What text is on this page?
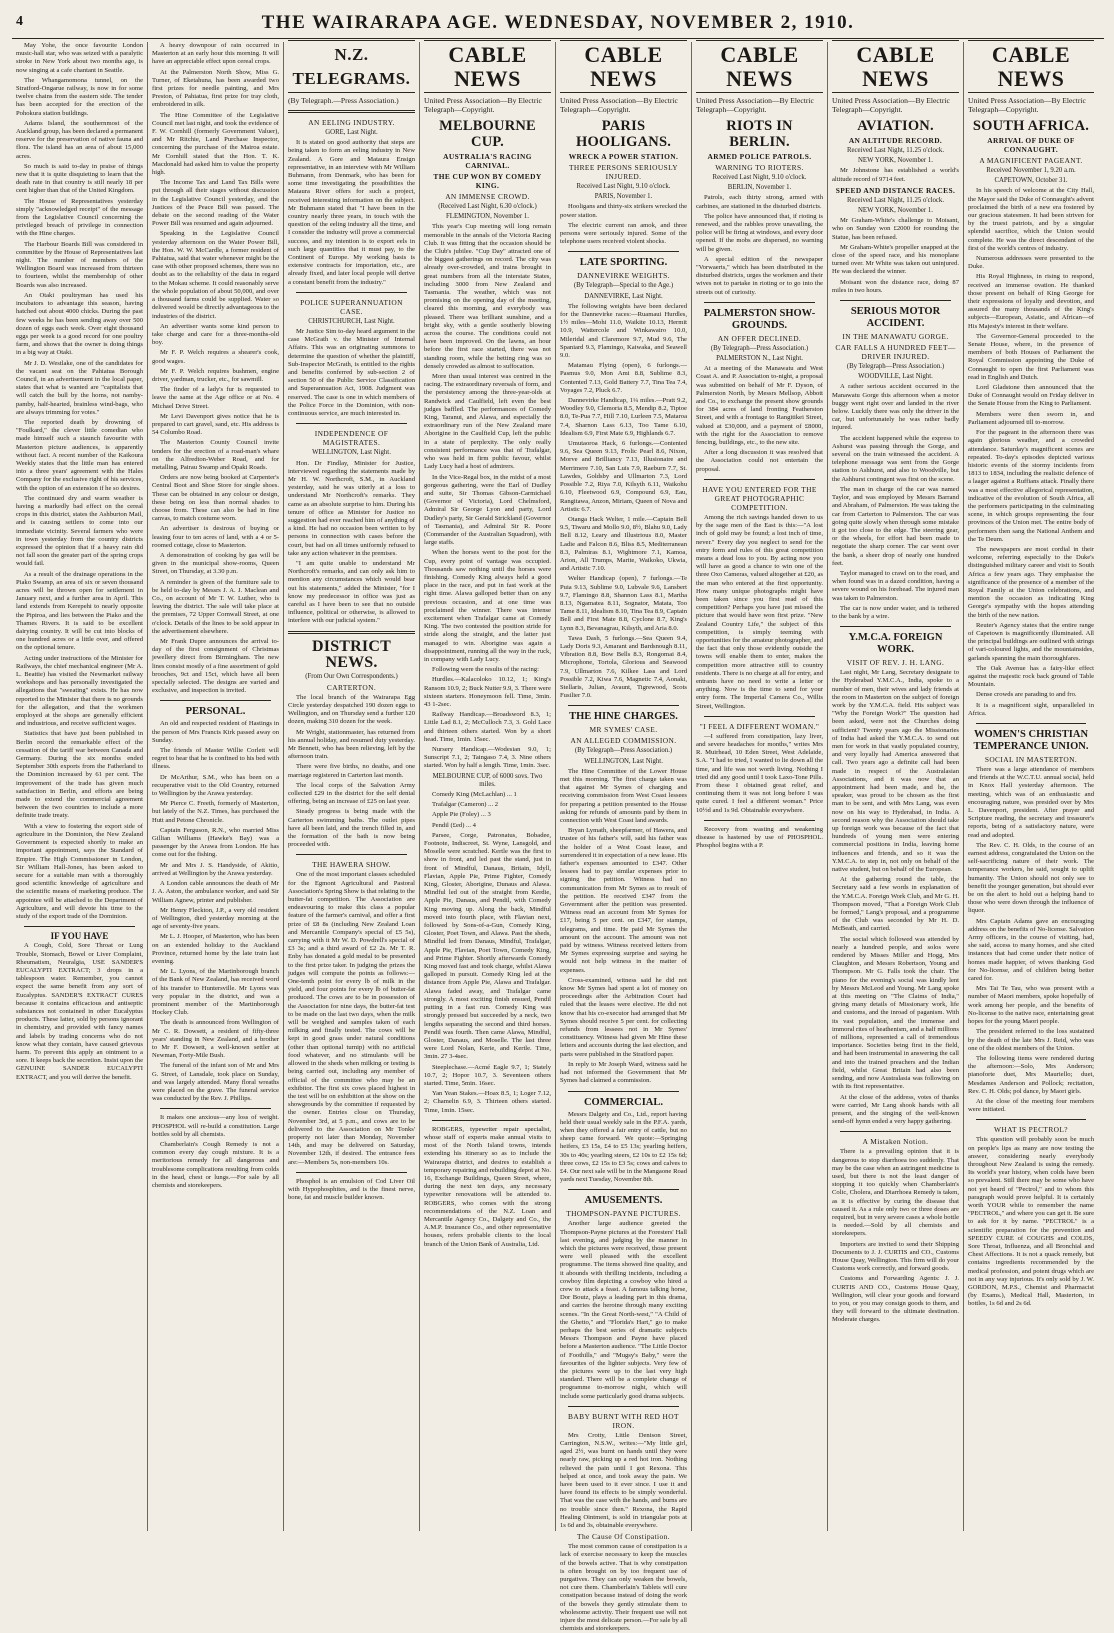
4	THE WAIRARAPA AGE. WEDNESDAY, NOVEMBER 2, 1910.

May Yohe, the once favourite London music-hall star, who was seized with a paralytic stroke in New York about two months ago, is now singing at a cafe chantant in Seattle.

The Whangamomona tunnel, on the Stratford-Ongarue railway, is now in for some twelve chains from the eastern side. The tender has been accepted for the erection of the Pohokura station buildings.

Adams Island, the southernmost of the Auckland group, has been declared a permanent reserve for the preservation of native fauna and flora. The island has an area of about 15,000 acres.

So much is said to-day in praise of things new that it is quite disquieting to learn that the death rate in that country is still nearly 18 per cent higher than that of the United Kingdom.

The House of Representatives yesterday simply "acknowledged receipt" of the message from the Legislative Council concerning the privileged breach of privilege in connection with the Hine charges.

The Harbour Boards Bill was considered in committee by the House of Representatives last night. The number of members of the Wellington Board was increased from thirteen to fourteen, whilst the membership of other Boards was also increased.

An Otaki poultryman has used his incubators to advantage this season, having hatched out about 4000 chicks. During the past few weeks he has been sending away over 500 dozen of eggs each week. Over eight thousand eggs per week is a good record for one poultry farm, and shows that the owner is doing things in a big way at Otaki.

Mr J. D. Westlake, one of the candidates for the vacant seat on the Pahiatua Borough Council, in an advertisement in the local paper, states that what is wanted are "capitalists that will catch the bull by the horns, not namby-pamby, half-hearted, brainless wind-bags, who are always trimming for votes."

The reported death by drowning of "Foulkard," the clever little comedian who made himself such a staunch favourite with Masterton picture audiences, is apparently without fact. A recent number of the Kaikoura Weekly states that the little man has entered into a three years' agreement with the Hales Company for the exclusive right of his services, with the option of an extension if he so desires.

The continued dry and warm weather is having a markedly bad effect on the cereal crops in this district, states the Ashburton Mail, and is causing settlers to come into our immediate vicinity. Several farmers who were in town yesterday from the country districts expressed the opinion that if a heavy rain did not fall soon the greater part of the spring crops would fail.

As a result of the drainage operations in the Piako Swamp, an area of six or seven thousand acres will be thrown open for settlement in January next, and a further area in April. This land extends from Kerepehi to nearly opposite the Pipiroa, and lies between the Piako and the Thames Rivers. It is said to be excellent dairying country. It will be cut into blocks of one hundred acres or a little over, and offered on the optional tenure.

Acting under instructions of the Minister for Railways, the chief mechanical engineer (Mr A. L. Beattie) has visited the Newmarket railway workshops and has personally investigated the allegations that "sweating" exists. He has now reported to the Minister that there is no grounds for the allegation, and that the workmen employed at the shops are generally efficient and industrious, and receive sufficient wages.

Statistics that have just been published in Berlin record the remarkable effect of the cessation of the tariff war between Canada and Germany. During the six months ended September 30th exports from the Fatherland to the Dominion increased by 61 per cent. The improvement of the trade has given much satisfaction in Berlin, and efforts are being made to extend the commercial agreement between the two countries to include a more definite trade treaty.

With a view to fostering the export side of agriculture in the Dominion, the New Zealand Government is expected shortly to make an important appointment, says the Standard of Empire. The High Commissioner in London, Sir William Hall-Jones, has been asked to secure for a suitable man with a thoroughly good scientific knowledge of agriculture and the scientific means of marketing produce. The appointee will be attached to the Department of Agriculture, and will devote his time to the study of the export trade of the Dominion.

IF YOU HAVE

A Cough, Cold, Sore Throat or Lung Trouble, Stomach, Bowel or Liver Complaint, Rheumatism, Neuralgia, USE SANDER'S EUCALYPTI EXTRACT; 3 drops in a tablespoon water. Remember, you cannot expect the same benefit from any sort of Eucalyptus. SANDER'S EXTRACT CURES because it contains efficacious and antiseptic substances not contained in other Eucalyptus products. These latter, sold by persons ignorant in chemistry, and provided with fancy names and labels by trading concerns who do not know what they contain, have caused grievous harm. To prevent this apply an ointment to a sore. It keeps back the secretion. Insist upon the GENUINE SANDER EUCALYPTI EXTRACT, and you will derive the benefit.

A heavy downpour of rain occurred in Masterton at an early hour this morning. It will have an appreciable effect upon cereal crops.

At the Palmerston North Show, Miss G. Turner, of Eketahuna, has been awarded two first prizes for needle painting, and Mrs Preston, of Pahiatua, first prize for tray cloth, embroidered in silk.

The Hine Committee of the Legislative Council met last night, and took the evidence of F. W. Cornhill (formerly Government Valuer), and Mr Ritchie, Land Purchase Inspector, concerning the purchase of the Mairoa estate. Mr Cornhill stated that the Hon. T. K. Macdonald had asked him to value the property high.

The Income Tax and Land Tax Bills were put through all their stages without discussion in the Legislative Council yesterday, and the Justices of the Peace Bill was passed. The debate on the second reading of the Water Power Bill was resumed and again adjourned.

Speaking in the Legislative Council yesterday afternoon on the Water Power Bill, the Hon. W. W. McCardle, a former resident of Pahiatua, said that water whenever might be the case with other proposed schemes, there was no doubt as to the reliability of the data in regard to the Mokau scheme. It could reasonably serve the whole population of about 50,000, and over a thousand farms could be supplied. Water so delivered would be directly advantageous to the industries of the district.

An advertiser wants some kind person to take charge and care for a three-months-old boy.

Mr F. P. Welch requires a shearer's cook, good wages.

Mr F. P. Welch requires bushmen, engine driver, yardman, trucker, etc., for sawmill.

The finder of a lady's fur is requested to leave the same at the Age office or at No. 4 Michael Drive Street.

Mr Levi Davenport gives notice that he is prepared to cart gravel, sand, etc. His address is 54 Columbo Road.

The Masterton County Council invite tenders for the erection of a road-man's whare on the Alfredton-Weber Road, and for metalling, Pairau Swamp and Opaki Roads.

Orders are now being booked at Carpenter's Central Boot and Shoe Store for single shoes. These can be obtained in any colour or design, these being on less than normal shades to choose from. These can also be had in fine canvas, to match costume worn.

An advertiser is desirous of buying or leasing four to ten acres of land, with a 4 or 5-roomed cottage, close to Masterton.

A demonstration of cooking by gas will be given in the municipal show-rooms, Queen Street, on Thursday, at 3.30 p.m.

A reminder is given of the furniture sale to be held to-day by Messrs J. A. J. Maclean and Co., on account of Mr T. W. Luther, who is leaving the district. The sale will take place at the premises, 72 Upper Cornwall Street, at one o'clock. Details of the lines to be sold appear in the advertisement elsewhere.

Mr Frank Dupre announces the arrival to-day of the first consignment of Christmas jewellery direct from Birmingham. The new lines consist mostly of a fine assortment of gold brooches, 9ct and 15ct, which have all been specially selected. The designs are varied and exclusive, and inspection is invited.

PERSONAL.

An old and respected resident of Hastings in the person of Mrs Francis Kirk passed away on Sunday.

The friends of Master Willie Corlett will regret to hear that he is confined to his bed with illness.

Dr McArthur, S.M., who has been on a recuperative visit to the Old Country, returned to Wellington by the Arawa yesterday.

Mr Pierce C. Freeth, formerly of Masterton, but lately of the N.Z. Times, has purchased the Hutt and Petone Chronicle.

Captain Ferguson, R.N., who married Miss Gillian Williams (Hawke's Bay) was a passenger by the Arawa from London. He has come out for the fishing.

Mr and Mrs J. S. Handyside, of Akitio, arrived at Wellington by the Arawa yesterday.

A London cable announces the death of Mr J. A. Aston, the ambulance worker, and said Sir William Agnew, printer and publisher.

Mr Henry Fleckton, J.P., a very old resident of Wellington, died yesterday morning at the age of seventy-five years.

Mr L. J. Hooper, of Masterton, who has been on an extended holiday to the Auckland Province, returned home by the late train last evening.

Mr L. Lyons, of the Martinborough branch of the Bank of New Zealand, has received word of his transfer to Huntersville. Mr Lyons was very popular in the district, and was a prominent member of the Martinborough Hockey Club.

The death is announced from Wellington of Mr C. R. Dowsett, a resident of fifty-three years' standing in New Zealand, and a brother to Mr F. Dowsett, a well-known settler at Newman, Forty-Mile Bush.

The funeral of the infant son of Mr and Mrs G. Street, of Lansdale, took place on Sunday, and was largely attended. Many floral wreaths were placed on the grave. The funeral service was conducted by the Rev. J. Phillips.

It makes one anxious—any loss of weight. PHOSPHOL will re-build a constitution. Large bottles sold by all chemists.

Chamberlain's Cough Remedy is not a common every day cough mixture. It is a meritorious remedy for all dangerous and troublesome complications resulting from colds in the head, chest or lungs.—For sale by all chemists and storekeepers.

N.Z. TELEGRAMS.

(By Telegraph.—Press Association.)

AN EELING INDUSTRY.

GORE, Last Night.

It is stated on good authority that steps are being taken to form an eeling industry in New Zealand. A Gore and Mataura Ensign representative, in an interview with Mr William Buhmann, from Denmark, who has been for some time investigating the possibilities the Mataura River offers for such a project, received interesting information on the subject. Mr Buhmann stated that "I have been in the country nearly three years, in touch with the question of the eeling industry all the time, and I consider the industry will prove a commercial success, and my intention is to export eels in such large quantities that it must pay, to the Continent of Europe. My working basis is extensive contracts for importation, etc., are already fixed, and later local people will derive a constant benefit from the industry."

POLICE SUPERANNUATION CASE.

CHRISTCHURCH, Last Night.

Mr Justice Sim to-day heard argument in the case McGrath v. the Minister of Internal Affairs. This was an originating summons to determine the question of whether the plaintiff, Sub-Inspector McGrath, is entitled to the rights and benefits conferred by sub-section 2 of section 50 of the Public Service Classification and Superannuation Act, 1908. Judgment was reserved. The case is one in which members of the Police Force in the Dominion, with non-continuous service, are much interested in.

INDEPENDENCE OF MAGISTRATES.

WELLINGTON, Last Night.

Hon. Dr Findlay, Minister for Justice, interviewed regarding the statements made by Mr H. W. Northcroft, S.M., in Auckland yesterday, said he was utterly at a loss to understand Mr Northcroft's remarks. They came as an absolute surprise to him. During his tenure of office as Minister for Justice no suggestion had ever reached him of anything of a kind. He had no occasion been written to by persons in connection with cases before the court, but had on all times uniformly refused to take any action whatever in the premises.

"I am quite unable to understand Mr Northcroft's remarks, and can only ask him to mention any circumstances which would bear out his statements," added the Minister, "for I know my predecessor in office was just as careful as I have been to see that no outside influence, political or otherwise, is allowed to interfere with our judicial system."

DISTRICT NEWS.

(From Our Own Correspondents.)

CARTERTON.

The local branch of the Wairarapa Egg Circle yesterday despatched 190 dozen eggs to Wellington, and on Thursday send a further 120 dozen, making 310 dozen for the week.

Mr Wright, stationmaster, has returned from his annual holiday, and resumed duty yesterday. Mr Bennett, who has been relieving, left by the afternoon train.

There were five births, no deaths, and one marriage registered in Carterton last month.

The local corps of the Salvation Army collected £29 in the district for the self denial offering, being an increase of £25 on last year.

Steady progress is being made with the Carterton swimming baths. The outlet pipes have all been laid, and the trench filled in, and the formation of the bath is now being proceeded with.

THE HAWERA SHOW.

One of the most important classes scheduled for the Egmont Agricultural and Pastoral Association's Spring Show is that relating to the butter-fat competition. The Association are endeavouring to make this class a popular feature of the farmer's carnival, and offer a first prize of £8 8s (including New Zealand Loan and Mercantile Company's special of £5 5s), carrying with it Mr W. D. Powdrell's special of £3 3s; and a third award of £2 2s. Mr T. R. Enby has donated a gold medal to be presented to the first prize taker. In judging the prizes the judges will compute the points as follows:—One-tenth point for every lb of milk in the yield, and four points for every lb of butter-fat produced. The cows are to be in possession of the Association for nine days, the butter-fat test to be made on the last two days, when the milk will be weighed and samples taken of each milking and finally tested. The cows will be kept in good grass under natural conditions (other than optional turnip) with no artificial food whatever, and no stimulants will be allowed in the sheds when milking or testing is being carried out, including any member of official of the committee who may be an exhibitor. The first six cows placed highest in the test will be on exhibition at the show on the showgrounds by the committee if requested by the owner. Entries close on Thursday, November 3rd, at 5 p.m., and cows are to be delivered to the Association on Mr Tonks' property not later than Monday, November 14th, and may be delivered on Saturday, November 12th, if desired. The entrance fees are:—Members 5s, non-members 10s.

Phosphol is an emulsion of Cod Liver Oil with Hypophosphites, and is the finest nerve, bone, fat and muscle builder known.

CABLE NEWS

United Press Association—By Electric Telegraph—Copyright.

MELBOURNE CUP.
AUSTRALIA'S RACING CARNIVAL.
THE CUP WON BY COMEDY KING.
AN IMMENSE CROWD.

(Received Last Night, 6.30 o'clock.)

FLEMINGTON, November 1.

This year's Cup meeting will long remain memorable in the annals of the Victoria Racing Club. It was fitting that the occasion should be the Club's jubilee. "Cup Day" attracted one of the biggest gatherings on record. The city was already over-crowded, and trains brought in great numbers from all the interstate States, including 3000 from New Zealand and Tasmania. The weather, which was not promising on the opening day of the meeting, cleared this morning, and everybody was pleased. There was brilliant sunshine, and a bright sky, with a gentle southerly blowing across the course. The conditions could not have been improved. On the lawns, an hour before the first race started, there was not standing room, while the betting ring was so densely crowded as almost to suffocation.

More than usual interest was centred in the racing. The extraordinary reversals of form, and the persistency among the three-year-olds at Randwick and Caulfield, left even the best judges baffled. The performances of Comedy King, Taranui, and Alawa, and especially the extraordinary run of the New Zealand mare Aborigine in the Caulfield Cup, left the public in a state of perplexity. The only really consistent performance was that of Trafalgar, who was held in firm public favour, whilst Lady Lucy had a host of admirers.

In the Vice-Regal box, in the midst of a most gorgeous gathering, were the Earl of Dudley and suite, Sir Thomas Gibson-Carmichael (Governor of Victoria), Lord Chelmsford, Admiral Sir George Lyon and party, Lord Dudley's party, Sir Gerald Strickland (Governor of Tasmania), and Admiral Sir R. Poore (Commander of the Australian Squadron), with large staffs.

When the horses went to the post for the Cup, every point of vantage was occupied. Thousands saw nothing until the horses were finishing. Comedy King always held a good place in the race, and put in fast work at the right time. Alawa galloped better than on any previous occasion, and at one time was proclaimed the winner. There was intense excitement when Trafalgar came at Comedy King. The two contested the position stride for stride along the straight, and the latter just managed to win. Aborigine was again a disappointment, running all the way in the ruck, in company with Lady Lucy.

Following were the results of the racing:

Hurdles.—Kalacoloko 10.12, 1; King's Ransom 10.9, 2; Buck Nutter 9.9, 3. There were sixteen starters. Honeymoon fell. Time, 3min. 43 1-2sec.

Railway Handicap.—Broadsword 8.3, 1; Little Lad 8.1, 2; McCulloch 7.3, 3. Gold Lace and thirteen others started. Won by a short head. Time, 1min. 15sec.

Nursery Handicap.—Wodesian 9.0, 1; Sunscript 7.1, 2; Taingaso 7.4, 3. Nine others started. Won by half a length. Time, 1min. 3sec.

MELBOURNE CUP, of 6000 sovs. Two miles.

Comedy King (McLachlan) ... 1

Trafalgar (Cameron) ... 2

Apple Pie (Foley) ... 3

Pendil (£ed) ... 4

Parsee, Corge, Patronatus, Bobadee, Footnote, Indiscreet, St. Wyne, Lansgold, and Moselle were scratched. Kertle was the first to show in front, and led past the stand, just in front of Mindful, Danaus, Britain, Idyll, Flavian, Apple Pie, Prime Fighter, Comedy King, Gloster, Aborigine, Dunaus and Alawa. Mindful led out of the straight from Kerdie, Apple Pie, Danaus, and Pendil, with Comedy King moving up. Along the back, Mindful moved into fourth place, with Flavian next, followed by Sons-of-a-Gun, Comedy King, Gloster, Poet Town, and Alawa. Past the sheds, Mindful led from Danaus, Mindful, Trafalgar, Apple Pie, Flavian, Poet Town, Comedy King, and Prime Fighter. Shortly afterwards Comedy King moved fast and took charge, whilst Alawa galloped in pursuit. Comedy King led at the distance from Apple Pie, Alawa and Trafalgar. Alawa faded away, and Trafalgar came strongly. A most exciting finish ensued, Pendil putting in a fast run. Comedy King was strongly pressed but succeeded by a neck, two lengths separating the second and third horses. Pendil was fourth. Then came Alawa, Mindful, Gloster, Danaus, and Moselle. The last three were Lord Nolan, Kerie, and Kertle. Time, 3min. 27 3-4sec.

Steeplechase.—Acmé Eagle 9.7, 1; Stately 10.7, 2; Hopor 10.7, 3. Seventeen others started. Time, 5min. 16sec.

Yan Yean Stakes.—Hoax 8.5, 1; Loger 7.12, 2; Chamelin 6.9, 3. Thirteen others started. Time, 1min. 15sec.

ROBGERS, typewriter repair specialist, whose staff of experts make annual visits to most of the North Island towns, intends extending his itinerary so as to include the Wairarapa district, and desires to establish a temporary repairing and rebuilding depot at No. 16, Exchange Buildings, Queen Street, where, during the next ten days, any necessary typewriter renovations will be attended to. ROBGERS, who comes with the strong recommendations of the N.Z. Loan and Mercantile Agency Co., Dalgety and Co., the A.M.P. Insurance Co., and other representative houses, refers probable clients to the local branch of the Union Bank of Australia, Ltd.

CABLE NEWS

United Press Association—By Electric Telegraph—Copyright.

PARIS HOOLIGANS.
WRECK A POWER STATION.
THREE PERSONS SERIOUSLY INJURED.

Received Last Night, 9.10 o'clock.

PARIS, November 1.

Hooligans and thirty-six strikers wrecked the power station.

The electric current ran amok, and three persons were seriously injured. Some of the telephone users received violent shocks.

LATE SPORTING.
DANNEVIRKE WEIGHTS.

(By Telegraph—Special to the Age.)

DANNEVIRKE, Last Night.

The following weights have been declared for the Dannevirke races:—Ruamaui Hurdles, 1½ miles—Mohi 11.0, Waikite 10.13, Hermit 10.9, Wattercole and Winkawairo 10.0, Mileridal and Claremore 9.7, Mud 9.6, The Spaniard 9.3, Flamingo, Kaiwaka, and Seawell 9.0.

Matamau Flying (open), 6 furlongs.—Pasmus 9.0, Mon Ami 8.8, Sublime 8.3, Contented 7.13, Gold Battery 7.7, Tina Tea 7.4, Voyages 7.2, Pluck 6.7.

Dannevirke Handicap, 1¼ miles.—Pratt 9.2, Woodley 9.0, Clemoria 8.5, Mendip 8.2, Tiptoe 8.0, Te-Pua 7.7, Hill 7.10, Lurleen 7.5, Mataroa 7.4, Sharnon Lass 6.13, Too Tame 6.10, Idealism 6.9, First Mate 6.9, Highlands 6.7.

Umutaoroa Hack, 6 furlongs.—Contented 9.6, Sea Queen 9.13, Frolic Pearl 8.6, Nixon, Morve and Brilliancy 7.13, Illusionaire and Merrimere 7.10, San Luis 7.9, Raeburn 7.7, St. Lawdes, Goldsby and Ullmarton 7.3, Lord Possible 7.2, Riya 7.0, Kilsyth 6.11, Waikohu 6.10, Fleetwood 6.9, Compound 6.9, Eau, Rangitawa, Anzon, Miriam, Queen of Nova and Artistic 6.7.

Otanga Hack Welter, 1 mile.—Captain Bell 9.5, Tiwaru and Mollo 9.0, 8½, Blahu 9.0, Lady Bell 8.12, Leary and Illustrious 8.0, Master Ladie and Falcon 8.6, Bliss 8.5, Mediterranean 8.3, Palmiras 8.1, Wightmore 7.1, Kamoa, Arion, All Trumps, Marite, Waikoko, Ukwia, and Artistic 7.10.

Welter Handicap (open), 7 furlongs.—Te Puia 9.13, Sublime 9.0, Lubvale 9.6, Lansbert 9.7, Flamingo 8.8, Shannon Lass 8.1, Martha 8.13, Ngamatea 8.11, Sognator, Matata, Too Tame 8.11, Idealism 8.10, Tina Tea 8.9, Captain Bell and First Mate 8.8, Cyclone 8.7, King's Lynn 8.3, Bevanagrau, Kilsyth, and Aria 8.0.

Tawa Dash, 5 furlongs.—Sea Queen 9.4, Lady Doris 9.3, Amarant and Bardsnough 8.11, Vibration 8.8, Bow Bells 8.3, Rongomai 8.4, Microphone, Tortola, Glorious and Seawood 7.9, Ullmarton 7.6, Kilkee Lass and Lord Possible 7.2, Kiwa 7.6, Magnetic 7.4, Aonaki, Stellaris, Julian, Avaunt, Tigrewood, Scots Fusilier 7.0.

THE HINE CHARGES.
MR SYMES' CASE.
AN ALLEGED COMMISSION.

(By Telegraph—Press Association.)

WELLINGTON, Last Night.

The Hine Committee of the Lower House met this morning. The first charge taken was that against Mr Symes of charging and receiving commission from West Coast lessees for preparing a petition presented to the House asking for refunds of amounts paid by them in connection with West Coast land awards.

Bryan Lymath, sheepfarmer, of Hawera, and trustee of his father's will, said his father was the holder of a West Coast lease, and surrendered it in expectation of a new lease. His father's expenses amounted to £347. Other lessees had to pay similar expenses prior to signing the petition. Witness had no communication from Mr Symes as to result of the petition. He received £347 from the Government after the petition was presented. Witness read an account from Mr Symes for £17, being 5 per cent. on £347, for stamps, telegrams, and time. He paid Mr Symes the amount on the account. The amount was not paid by witness. Witness received letters from Mr Symes expressing surprise and saying he would not help witness in the matter of expenses.

Cross-examined, witness said he did not know Mr Symes had spent a lot of money on proceedings after the Arbitration Court had ruled that the leases were elective. He did not know that his co-executor had arranged that Mr Symes should receive 5 per cent. for collecting refunds from lessees not in Mr Symes' constituency. Witness had given Mr Hine these letters and accounts during the last election, and parts were published in the Stratford paper.

In reply to Mr Joseph Ward, witness said he had not informed the Government that Mr Symes had claimed a commission.

COMMERCIAL.

Messrs Dalgety and Co., Ltd., report having held their usual weekly sale in the P.F.A. yards, when they offered a fair entry of cattle, but no sheep came forward. We quote:—Springing heifers, £3 15s, £4 to £5 13s; yearling heifers, 30s to 40s; yearling steers, £2 10s to £2 15s 6d; three cows, £2 15s to £3 5s; cows and calves to £4. Our next sale will be in the Mangaone Road yards next Tuesday, November 8th.

AMUSEMENTS.
THOMPSON-PAYNE PICTURES.

Another large audience greeted the Thompson-Payne pictures at the Foresters' Hall last evening, and judging by the manner in which the pictures were received, those present were well pleased with the excellent programme. The items showed fine quality, and it abounds with thrilling incidents, including a cowboy film depicting a cowboy who hired a crew to attack a feast. A famous talking horse, Dor Boutz, plays a leading part in this drama, and carries the heroine through many exciting scenes. "In the Great North-west," "A Child of the Ghetto," and "Florida's Hart," go to make perhaps the best series of dramatic subjects Messrs Thompson and Payne have placed before a Masterton audience. "The Little Doctor of Foothills," and "Mugsy's Baby," were the favourites of the lighter subjects. Very few of the pictures were up to the last very high standard. There will be a complete change of programme to-morrow night, which will include some particularly good drama subjects.

BABY BURNT WITH RED HOT IRON.

Mrs Crotty, Little Denison Street, Carrington, N.S.W., writes:—"My little girl, aged 2½, was burnt on hands until they were nearly raw, picking up a red hot iron. Nothing relieved the pain until I got Rexona. This helped at once, and took away the pain. We have been used to it ever since. I use it and have found its effects to be simply wonderful. That was the case with the hands, and burns are no trouble since then." Rexona, the Rapid Healing Ointment, is sold in triangular pots at 1s 6d and 3s, obtainable everywhere.

The Cause Of Constipation.

The most common cause of constipation is a lack of exercise necessary to keep the muscles of the bowels active. That is why constipation is often brought on by too frequent use of purgatives. They can only weaken the bowels, not cure them. Chamberlain's Tablets will cure constipation because instead of doing the work of the bowels they gently stimulate them to wholesome activity. Their frequent use will not injure the most delicate person.—For sale by all chemists and storekeepers.

CABLE NEWS

United Press Association—By Electric Telegraph—Copyright.

RIOTS IN BERLIN.
ARMED POLICE PATROLS.
WARNING TO RIOTERS.

Received Last Night, 9.10 o'clock.

BERLIN, November 1.

Patrols, each thirty strong, armed with carbines, are stationed in the disturbed districts.

The police have announced that, if rioting is renewed, and the rabbles prove unavailing, the police will be firing at windows, and every door opened. If the mobs are dispersed, no warning will be given.

A special edition of the newspaper "Vorwaerts," which has been distributed in the disturbed districts, urges the workmen and their wives not to partake in rioting or to go into the streets out of curiosity.

PALMERSTON SHOW-GROUNDS.
AN OFFER DECLINED.

(By Telegraph—Press Association.)

PALMERSTON N., Last Night.

At a meeting of the Manawatu and West Coast A. and P. Association to-night, a proposal was submitted on behalf of Mr F. Dyson, of Palmerston North, by Messrs Mellsop, Abbott and Co., to exchange the present show grounds for 384 acres of land fronting Featherston Street, and with a frontage to Rangitikei Street, valued at £30,000, and a payment of £8000, with the right for the Association to remove fencing, buildings, etc., to the new site.

After a long discussion it was resolved that the Association could not entertain the proposal.

HAVE YOU ENTERED FOR THE GREAT PHOTOGRAPHIC COMPETITION.

Among the rich savings handed down to us by the sage men of the East is this:—"A lost inch of gold may be found; a lost inch of time, never." Every day you neglect to send for the entry form and rules of this great competition means a dead loss to you. By acting now you will have as good a chance to win one of the three Oxo Cameras, valued altogether at £20, as the man who entered at the first opportunity. How many unique photographs might have been taken since you first read of this competition? Perhaps you have just missed the picture that would have won first prize. "New Zealand Country Life," the subject of this competition, is simply teeming with opportunities for the amateur photographer, and the fact that only those evidently outside the towns will enable them to enter, makes the competition more attractive still to country residents. There is no charge at all for entry, and entrants have no need to write a letter or anything. Now is the time to send for your entry form. The Imperial Camera Co., Willis Street, Wellington.

"I FEEL A DIFFERENT WOMAN."

—I suffered from constipation, lazy liver, and severe headaches for months," writes Mrs R. Muirhead, 10 Eden Street, West Adelaide, S.A. "I had to tried, I wanted to lie down all the time, and life was not worth living. Nothing I tried did any good until I took Laxo-Tone Pills. From these I obtained great relief, and continuing them it was not long before I was quite cured. I feel a different woman." Price 10½d and 1s 9d. Obtainable everywhere.

Recovery from wasting and weakening disease is hastened by use of PHOSPHOL. Phosphol begins with a P.

CABLE NEWS

United Press Association—By Electric Telegraph—Copyright.

AVIATION.
AN ALTITUDE RECORD.

Received Last Night, 11.25 o'clock.

NEW YORK, November 1.

Mr Johnstone has established a world's altitude record of 9714 feet.

SPEED AND DISTANCE RACES.

Received Last Night, 11.25 o'clock.

NEW YORK, November 1.

Mr Graham-White's challenge to Moisant, who on Sunday won £2000 for rounding the Statue, has been refused.

Mr Graham-White's propeller snapped at the close of the speed race, and his monoplane turned over. Mr White was taken out uninjured. He was declared the winner.

Moisant won the distance race, doing 87 miles in two hours.

SERIOUS MOTOR ACCIDENT.
IN THE MANAWATU GORGE.
CAR FALLS A HUNDRED FEET—DRIVER INJURED.

(By Telegraph—Press Association.)

WOODVILLE, Last Night.

A rather serious accident occurred in the Manawatu Gorge this afternoon when a motor buggy went right over and landed in the river below. Luckily there was only the driver in the car, but unfortunately he was rather badly injured.

The accident happened while the express to Ashurst was passing through the Gorge, and several on the train witnessed the accident. A telephone message was sent from the Gorge station to Ashhurst, and also to Woodville, but the Ashhurst contingent was first on the scene.

The man in charge of the car was named Taylor, and was employed by Messrs Barrand and Abraham, of Palmerston. He was taking the car from Carterton to Palmerston. The car was going quite slowly when through some mistake it got too close to the edge. The steering gear, or the wheels, for effort had been made to negotiate the sharp corner. The car went over the bank, a sheer drop of nearly one hundred feet.

Taylor managed to crawl on to the road, and when found was in a dazed condition, having a severe wound on his forehead. The injured man was taken to Palmerston.

The car is now under water, and is tethered to the bank by a wire.

Y.M.C.A. FOREIGN WORK.
VISIT OF REV. J. H. LANG.

Last night, Mr Lang, Secretary designate to the Hyderabad Y.M.C.A., India, spoke to a number of men, their wives and lady friends at the room in Masterton on the subject of foreign work by the Y.M.C.A. field. His subject was "Why the Foreign Work?" The question had been asked, were not the Churches doing sufficient? Twenty years ago the Missionaries of India had asked the Y.M.C.A. to send out men for work in that vastly populated country, and very loyally had America answered that call. Two years ago a definite call had been made in respect of the Australasian Associations, and it was now that an appointment had been made, and he, the speaker, was proud to be chosen as the first man to be sent, and with Mrs Lang, was even now on his way to Hyderabad, in India. A second reason why the Association should take up foreign work was because of the fact that hundreds of young men were entering commercial positions in India, leaving home influences and friends, and so it was the Y.M.C.A. to step in, not only on behalf of the native student, but on behalf of the European.

At the gathering round the table, the Secretary said a few words in explanation of the Y.M.C.A. Foreign Work Club, and Mr G. H. Thompson moved, "That a Foreign Work Club be formed," Lang's proposal, and a programme of the Club was seconded by Mr H. D. McBeath, and carried.

The social which followed was attended by nearly a hundred people, and solos were rendered by Misses Miller and Hogg, Mrs Claughton, and Messrs Robertson, Young and Thompson. Mr G. Falls took the chair. The piano for the evening's social was kindly lent by Messrs McLeod and Young. Mr Lang spoke at this meeting on "The Claims of India," giving many details of Missionary work, life and customs, and the inroad of paganism. With its vast population, and the immense and immoral rites of heathenism, and a half millions of millions, represented a call of tremendous importance. Societies being first in the field, and had been instrumental in answering the call and into the trained preachers and the Indian field, whilst Great Britain had also been sending, and now Australasia was following on with its first representative.

At the close of the address, votes of thanks were carried, Mr Lang shook hands with all present, and the singing of the well-known send-off hymn ended a very happy gathering.

A Mistaken Notion.

There is a prevailing opinion that it is dangerous to stop diarrhoea too suddenly. That may be the case when an astringent medicine is used, but there is not the least danger of stopping it too quickly when Chamberlain's Colic, Cholera, and Diarrhoea Remedy is taken, as it is effective by curing the disease that caused it. As a rule only two or three doses are required, but in very severe cases a whole bottle is needed.—Sold by all chemists and storekeepers.

Importers are invited to send their Shipping Documents to J. J. CURTIS and CO., Customs House Quay, Wellington. This firm will do your Customs work correctly, and forward goods.

Customs and Forwarding Agents: J. J. CURTIS AND CO., Customs House Quay, Wellington, will clear your goods and forward to you, or you may consign goods to them, and they will forward to the ultimate destination. Moderate charges.

CABLE NEWS

United Press Association—By Electric Telegraph—Copyright.

SOUTH AFRICA.
ARRIVAL OF DUKE OF CONNAUGHT.
A MAGNIFICENT PAGEANT.

Received November 1, 9.20 a.m.

CAPETOWN, October 31.

In his speech of welcome at the City Hall, the Mayor said the Duke of Connaught's advent proclaimed the birth of a new era fostered by our gracious statesmen. It had been striven for by the truest patriots, and by a singular splendid sacrifice, which the Union would complete. He was the direct descendant of the first of the world's centres of industry.

Numerous addresses were presented to the Duke.

His Royal Highness, in rising to respond, received an immense ovation. He thanked those present on behalf of King George for their expressions of loyalty and devotion, and assured the many thousands of the King's subjects—European, Asiatic, and African—of His Majesty's interest in their welfare.

The Governor-General proceeded to the Senate House, where, in the presence of members of both Houses of Parliament the Royal Commission appointing the Duke of Connaught to open the first Parliament was read in English and Dutch.

Lord Gladstone then announced that the Duke of Connaught would on Friday deliver in the Senate House from the King to Parliament.

Members were then sworn in, and Parliament adjourned till to-morrow.

For the pageant in the afternoon there was again glorious weather, and a crowded attendance. Saturday's magnificent scenes are repeated. To-day's episodes depicted various historic events of the stormy incidents from 1813 to 1834, including the realistic defence of a laager against a Ruffians attack. Finally there was a most effective allegorical representation, indicative of the evolution of South Africa, all the performers participating in the culminating scene, in which groups representing the four provinces of the Union met. The entire body of performers then sang the National Anthem and the Te Deum.

The newspapers are most cordial in their welcome, referring especially to the Duke's distinguished military career and visit to South Africa a few years ago. They emphasise the significance of the presence of a member of the Royal Family at the Union celebrations, and mention the occasion as indicating King George's sympathy with the hopes attending the birth of the new nation.

Reuter's Agency states that the entire range of Capetown is magnificently illuminated. All the principal buildings are outlined with strings of vari-coloured lights, and the mountainsides, garlands spanning the main thoroughfares.

The Oak Avenue has a fairy-like effect against the majestic rock back ground of Table Mountain.

Dense crowds are parading to and fro.

It is a magnificent sight, unparalleled in Africa.

WOMEN'S CHRISTIAN TEMPERANCE UNION.
SOCIAL IN MASTERTON.

There was a large attendance of members and friends at the W.C.T.U. annual social, held in Knox Hall yesterday afternoon. The meeting, which was of an enthusiastic and encouraging nature, was presided over by Mrs L. Davenport, president. After prayer and Scripture reading, the secretary and treasurer's reports, being of a satisfactory nature, were read and adopted.

The Rev. C. H. Olds, in the course of an earnest address, congratulated the Union on the self-sacrificing nature of their work. The temperance workers, he said, sought to uplift humanity. The Union should not only see to benefit the younger generation, but should ever be on the alert to hold out a helping hand to those who were down through the influence of liquor.

Mrs Captain Adams gave an encouraging address on the benefits of No-license. Salvation Army officers, in the course of visiting, had, she said, access to many homes, and she cited instances that had come under their notice of homes made happier, of wives thanking God for No-license, and of children being better cared for.

Mrs Tai Te Tau, who was present with a number of Maori members, spoke hopefully of work among her people, and the benefits of No-license to the native race, entertaining great hopes for the young Maori people.

The president referred to the loss sustained by the death of the late Mrs J. Reid, who was one of the oldest members of the Union.

The following items were rendered during the afternoon:—Solo, Mrs Anderson; pianoforte duet, Mrs Mauriello; duet, Mesdames Anderson and Pollock; recitation, Rev. C. H. Olds; pol dance, by Maori girls.

At the close of the meeting four members were initiated.

WHAT IS PECTROL?

This question will probably soon be much on people's lips as many are now testing the answer, considering nearly everybody throughout New Zealand is using the remedy. Its world's year history, when colds have been so prevalent. Still there may be some who have not yet heard of "Pectrol," and to whom this paragraph would prove helpful. It is certainly worth YOUR while to remember the name "PECTROL," and where you can get it. Be sure to ask for it by name. "PECTROL" is a scientific preparation for the prevention and SPEEDY CURE of COUGHS and COLDS, Sore Throat, Influenza, and all Bronchial and Chest Affections. It is not a quack remedy, but contains ingredients recommended by the medical profession, and potent drugs which are not in any way injurious. It's only sold by J. W. GORDON, M.P.S., Chemist and Pharmacist (by Exams.), Medical Hall, Masterton, in bottles, 1s 6d and 2s 6d.
